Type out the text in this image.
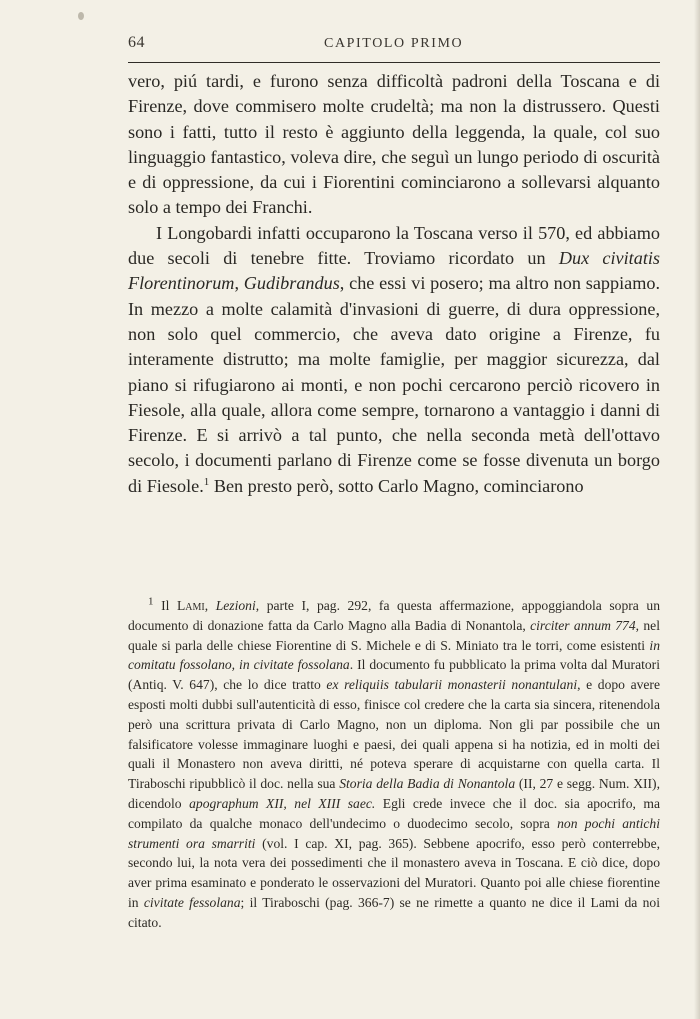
64	CAPITOLO PRIMO

vero, piú tardi, e furono senza difficoltà padroni della Toscana e di Firenze, dove commisero molte crudeltà; ma non la distrussero. Questi sono i fatti, tutto il resto è aggiunto della leggenda, la quale, col suo linguaggio fantastico, voleva dire, che seguì un lungo periodo di oscurità e di oppressione, da cui i Fiorentini cominciarono a sollevarsi alquanto solo a tempo dei Franchi.

I Longobardi infatti occuparono la Toscana verso il 570, ed abbiamo due secoli di tenebre fitte. Troviamo ricordato un Dux civitatis Florentinorum, Gudibrandus, che essi vi posero; ma altro non sappiamo. In mezzo a molte calamità d'invasioni di guerre, di dura oppressione, non solo quel commercio, che aveva dato origine a Firenze, fu interamente distrutto; ma molte famiglie, per maggior sicurezza, dal piano si rifugiarono ai monti, e non pochi cercarono perciò ricovero in Fiesole, alla quale, allora come sempre, tornarono a vantaggio i danni di Firenze. E si arrivò a tal punto, che nella seconda metà dell'ottavo secolo, i documenti parlano di Firenze come se fosse divenuta un borgo di Fiesole.$^1$ Ben presto però, sotto Carlo Magno, cominciarono

$^1$ Il Lami, Lezioni, parte I, pag. 292, fa questa affermazione, appoggiandola sopra un documento di donazione fatta da Carlo Magno alla Badia di Nonantola, circiter annum 774, nel quale si parla delle chiese Fiorentine di S. Michele e di S. Miniato tra le torri, come esistenti in comitatu fossolano, in civitate fossolana. Il documento fu pubblicato la prima volta dal Muratori (Antiq. V. 647), che lo dice tratto ex reliquiis tabularii monasterii nonantulani, e dopo avere esposti molti dubbi sull'autenticità di esso, finisce col credere che la carta sia sincera, ritenendola però una scrittura privata di Carlo Magno, non un diploma. Non gli par possibile che un falsificatore volesse immaginare luoghi e paesi, dei quali appena si ha notizia, ed in molti dei quali il Monastero non aveva diritti, né poteva sperare di acquistarne con quella carta. Il Tiraboschi ripubblicò il doc. nella sua Storia della Badia di Nonantola (II, 27 e segg. Num. XII), dicendolo apographum XII, nel XIII saec. Egli crede invece che il doc. sia apocrifo, ma compilato da qualche monaco dell'undecimo o duodecimo secolo, sopra non pochi antichi strumenti ora smarriti (vol. I cap. XI, pag. 365). Sebbene apocrifo, esso però conterrebbe, secondo lui, la nota vera dei possedimenti che il monastero aveva in Toscana. E ciò dice, dopo aver prima esaminato e ponderato le osservazioni del Muratori. Quanto poi alle chiese fiorentine in civitate fessolana; il Tiraboschi (pag. 366-7) se ne rimette a quanto ne dice il Lami da noi citato.
